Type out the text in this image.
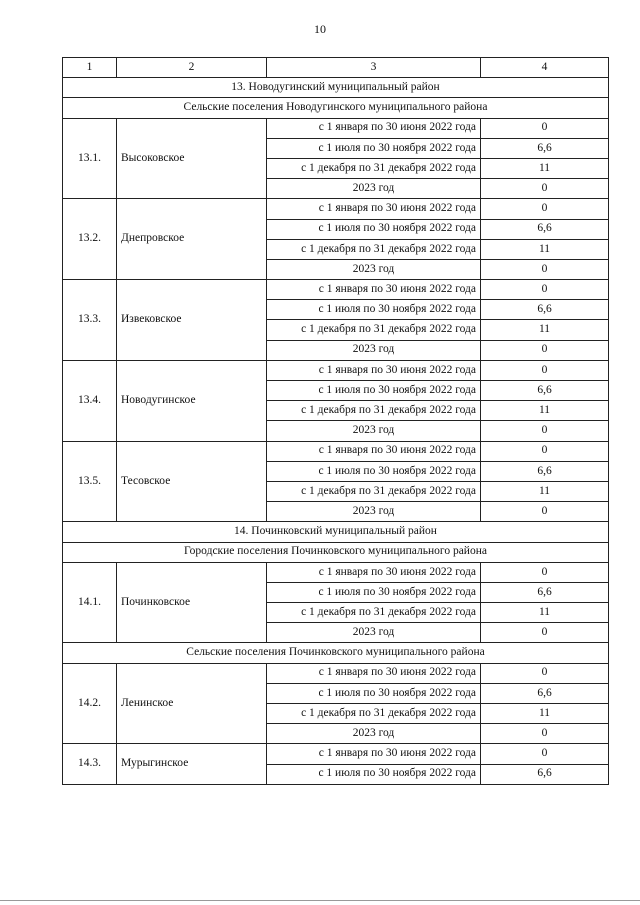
10
1	2	3	4
13. Новодугинский муниципальный район			
Сельские поселения Новодугинского муниципального района			
13.1.	Высоковское	с 1 января по 30 июня 2022 года	0
		с 1 июля по 30 ноября 2022 года	6,6
		с 1 декабря по 31 декабря 2022 года	11
		2023 год	0
13.2.	Днепровское	с 1 января по 30 июня 2022 года	0
		с 1 июля по 30 ноября 2022 года	6,6
		с 1 декабря по 31 декабря 2022 года	11
		2023 год	0
13.3.	Извековское	с 1 января по 30 июня 2022 года	0
		с 1 июля по 30 ноября 2022 года	6,6
		с 1 декабря по 31 декабря 2022 года	11
		2023 год	0
13.4.	Новодугинское	с 1 января по 30 июня 2022 года	0
		с 1 июля по 30 ноября 2022 года	6,6
		с 1 декабря по 31 декабря 2022 года	11
		2023 год	0
13.5.	Тесовское	с 1 января по 30 июня 2022 года	0
		с 1 июля по 30 ноября 2022 года	6,6
		с 1 декабря по 31 декабря 2022 года	11
		2023 год	0
14. Починковский муниципальный район			
Городские поселения Починковского муниципального района			
14.1.	Починковское	с 1 января по 30 июня 2022 года	0
		с 1 июля по 30 ноября 2022 года	6,6
		с 1 декабря по 31 декабря 2022 года	11
		2023 год	0
Сельские поселения Починковского муниципального района			
14.2.	Ленинское	с 1 января по 30 июня 2022 года	0
		с 1 июля по 30 ноября 2022 года	6,6
		с 1 декабря по 31 декабря 2022 года	11
		2023 год	0
14.3.	Мурыгинское	с 1 января по 30 июня 2022 года	0
		с 1 июля по 30 ноября 2022 года	6,6
